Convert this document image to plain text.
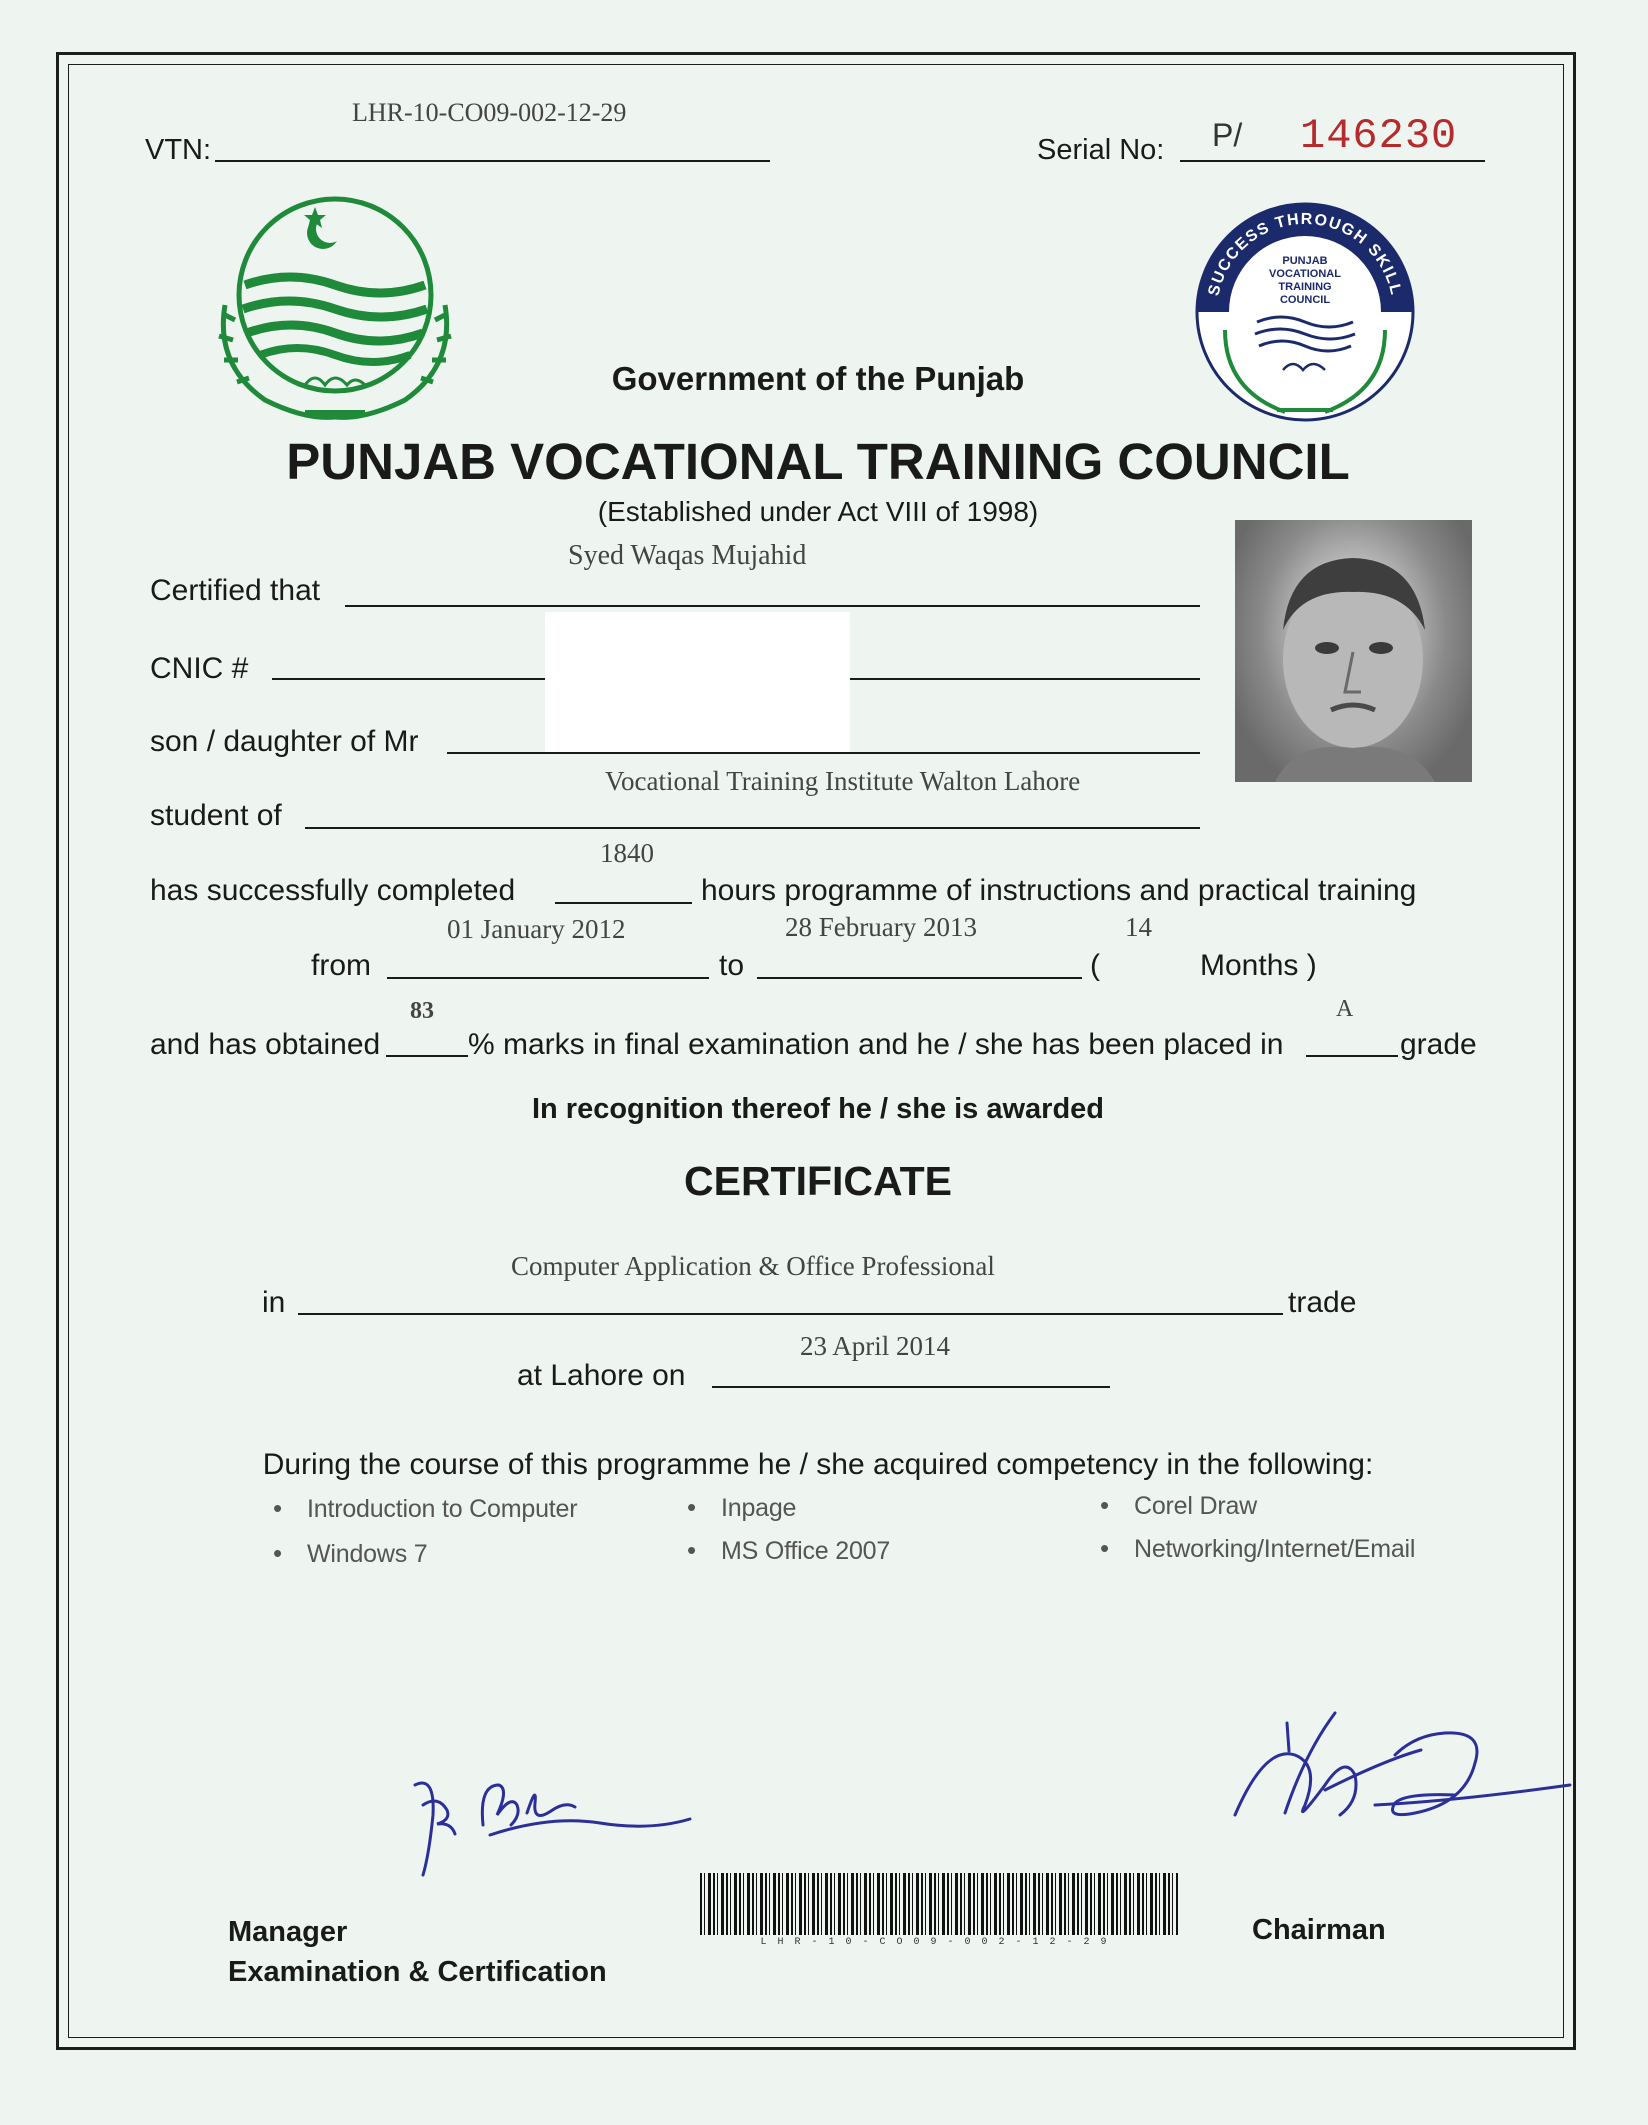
LHR-10-CO09-002-12-29
VTN:	Serial No: P/ 146230
SUCCESS THROUGH SKILL
PUNJAB
VOCATIONAL
TRAINING
COUNCIL
Government of the Punjab
PUNJAB VOCATIONAL TRAINING COUNCIL
(Established under Act VIII of 1998)
Syed Waqas Mujahid
Certified that
CNIC #
son / daughter of Mr
Vocational Training Institute Walton Lahore
student of
1840
has successfully completed	hours programme of instructions and practical training
01 January 2012	28 February 2013	14
from	to	(	Months )
83	A
and has obtained	% marks in final examination and he / she has been placed in	grade
In recognition thereof he / she is awarded
CERTIFICATE
Computer Application & Office Professional
in	trade
23 April 2014
at Lahore on
During the course of this programme he / she acquired competency in the following:
• Introduction to Computer	• Inpage	• Corel Draw
• Windows 7	• MS Office 2007	• Networking/Internet/Email
LHR-10-CO09-002-12-29
Manager
Examination & Certification
Chairman
